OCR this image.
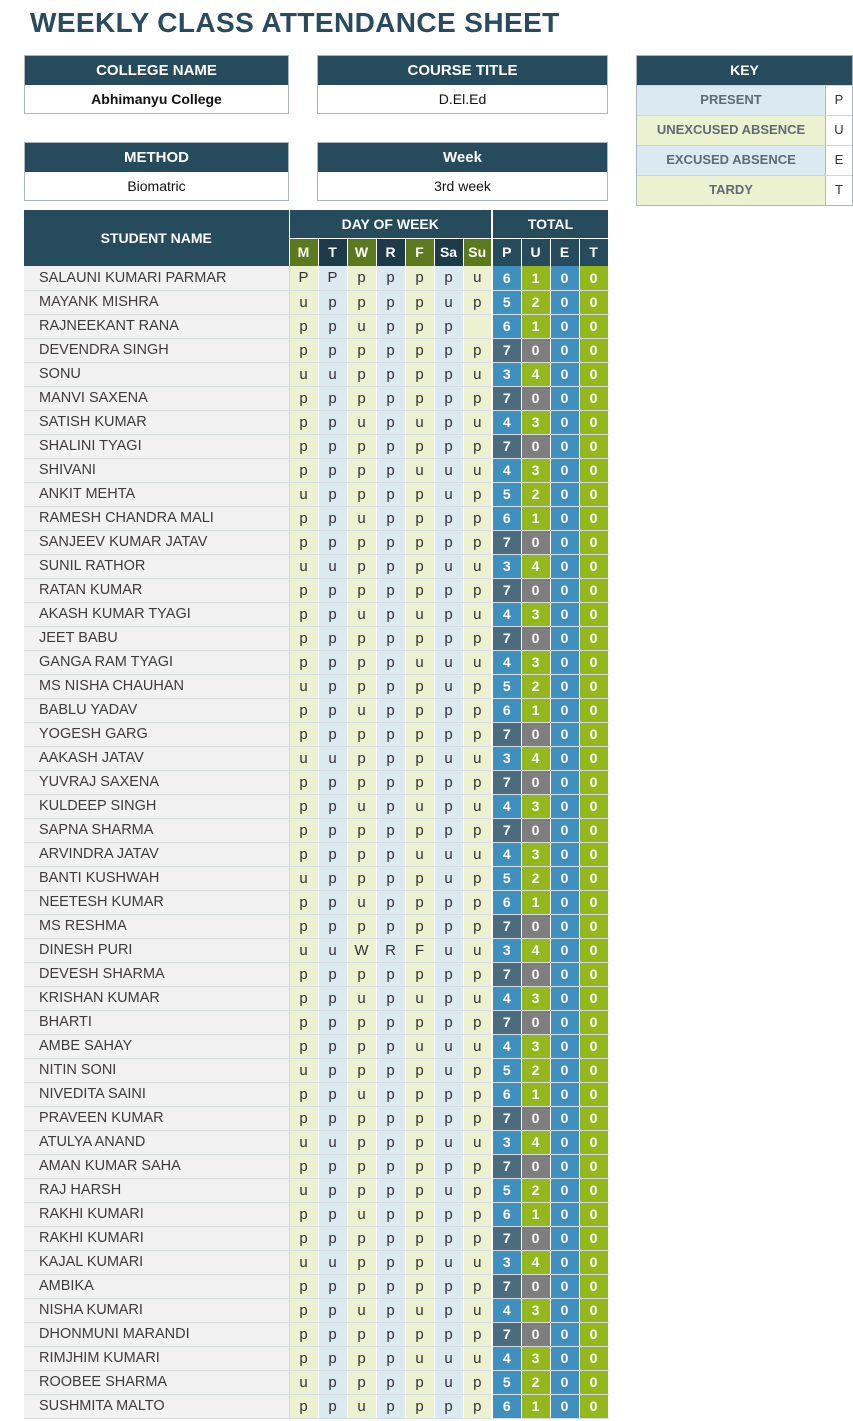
WEEKLY CLASS ATTENDANCE SHEET
COLLEGE NAME
Abhimanyu College
COURSE TITLE
D.El.Ed
METHOD
Biomatric
Week
3rd week
KEY
PRESENT	P
UNEXCUSED ABSENCE	U
EXCUSED ABSENCE	E
TARDY	T
STUDENT NAME	DAY OF WEEK							TOTAL			
	M	T	W	R	F	Sa	Su	P	U	E	T
SALAUNI KUMARI PARMAR	P	P	p	p	p	p	u	6	1	0	0
MAYANK MISHRA	u	p	p	p	p	u	p	5	2	0	0
RAJNEEKANT RANA	p	p	u	p	p	p		6	1	0	0
DEVENDRA SINGH	p	p	p	p	p	p	p	7	0	0	0
SONU	u	u	p	p	p	p	u	3	4	0	0
MANVI SAXENA	p	p	p	p	p	p	p	7	0	0	0
SATISH KUMAR	p	p	u	p	u	p	u	4	3	0	0
SHALINI TYAGI	p	p	p	p	p	p	p	7	0	0	0
SHIVANI	p	p	p	p	u	u	u	4	3	0	0
ANKIT MEHTA	u	p	p	p	p	u	p	5	2	0	0
RAMESH CHANDRA MALI	p	p	u	p	p	p	p	6	1	0	0
SANJEEV KUMAR JATAV	p	p	p	p	p	p	p	7	0	0	0
SUNIL RATHOR	u	u	p	p	p	u	u	3	4	0	0
RATAN KUMAR	p	p	p	p	p	p	p	7	0	0	0
AKASH KUMAR TYAGI	p	p	u	p	u	p	u	4	3	0	0
JEET BABU	p	p	p	p	p	p	p	7	0	0	0
GANGA RAM TYAGI	p	p	p	p	u	u	u	4	3	0	0
MS NISHA CHAUHAN	u	p	p	p	p	u	p	5	2	0	0
BABLU YADAV	p	p	u	p	p	p	p	6	1	0	0
YOGESH GARG	p	p	p	p	p	p	p	7	0	0	0
AAKASH JATAV	u	u	p	p	p	u	u	3	4	0	0
YUVRAJ SAXENA	p	p	p	p	p	p	p	7	0	0	0
KULDEEP SINGH	p	p	u	p	u	p	u	4	3	0	0
SAPNA SHARMA	p	p	p	p	p	p	p	7	0	0	0
ARVINDRA JATAV	p	p	p	p	u	u	u	4	3	0	0
BANTI KUSHWAH	u	p	p	p	p	u	p	5	2	0	0
NEETESH KUMAR	p	p	u	p	p	p	p	6	1	0	0
MS RESHMA	p	p	p	p	p	p	p	7	0	0	0
DINESH PURI	u	u	W	R	F	u	u	3	4	0	0
DEVESH SHARMA	p	p	p	p	p	p	p	7	0	0	0
KRISHAN KUMAR	p	p	u	p	u	p	u	4	3	0	0
BHARTI	p	p	p	p	p	p	p	7	0	0	0
AMBE SAHAY	p	p	p	p	u	u	u	4	3	0	0
NITIN SONI	u	p	p	p	p	u	p	5	2	0	0
NIVEDITA SAINI	p	p	u	p	p	p	p	6	1	0	0
PRAVEEN KUMAR	p	p	p	p	p	p	p	7	0	0	0
ATULYA ANAND	u	u	p	p	p	u	u	3	4	0	0
AMAN KUMAR SAHA	p	p	p	p	p	p	p	7	0	0	0
RAJ HARSH	u	p	p	p	p	u	p	5	2	0	0
RAKHI KUMARI	p	p	u	p	p	p	p	6	1	0	0
RAKHI KUMARI	p	p	p	p	p	p	p	7	0	0	0
KAJAL KUMARI	u	u	p	p	p	u	u	3	4	0	0
AMBIKA	p	p	p	p	p	p	p	7	0	0	0
NISHA KUMARI	p	p	u	p	u	p	u	4	3	0	0
DHONMUNI MARANDI	p	p	p	p	p	p	p	7	0	0	0
RIMJHIM KUMARI	p	p	p	p	u	u	u	4	3	0	0
ROOBEE SHARMA	u	p	p	p	p	u	p	5	2	0	0
SUSHMITA MALTO	p	p	u	p	p	p	p	6	1	0	0
